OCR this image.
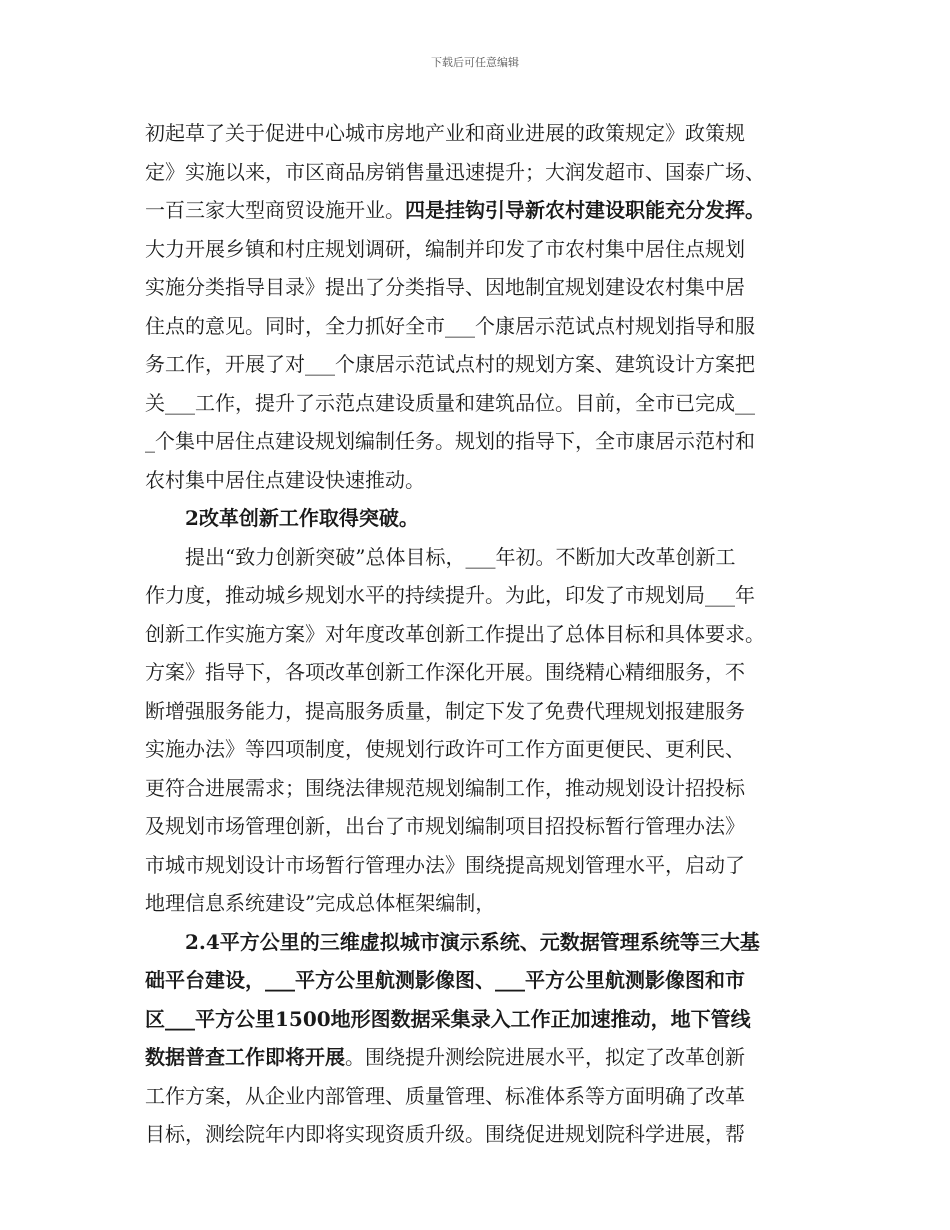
下载后可任意编辑
初起草了关于促进中心城市房地产业和商业进展的政策规定》政策规
定》实施以来，市区商品房销售量迅速提升；大润发超市、国泰广场、
一百三家大型商贸设施开业。四是挂钩引导新农村建设职能充分发挥。
大力开展乡镇和村庄规划调研，编制并印发了市农村集中居住点规划
实施分类指导目录》提出了分类指导、因地制宜规划建设农村集中居
住点的意见。同时，全力抓好全市___个康居示范试点村规划指导和服
务工作，开展了对___个康居示范试点村的规划方案、建筑设计方案把
关___工作，提升了示范点建设质量和建筑品位。目前，全市已完成__
_个集中居住点建设规划编制任务。规划的指导下，全市康居示范村和
农村集中居住点建设快速推动。
2改革创新工作取得突破。
提出“致力创新突破”总体目标，___年初。不断加大改革创新工
作力度，推动城乡规划水平的持续提升。为此，印发了市规划局___年
创新工作实施方案》对年度改革创新工作提出了总体目标和具体要求。
方案》指导下，各项改革创新工作深化开展。围绕精心精细服务，不
断增强服务能力，提高服务质量，制定下发了免费代理规划报建服务
实施办法》等四项制度，使规划行政许可工作方面更便民、更利民、
更符合进展需求；围绕法律规范规划编制工作，推动规划设计招投标
及规划市场管理创新，出台了市规划编制项目招投标暂行管理办法》
市城市规划设计市场暂行管理办法》围绕提高规划管理水平，启动了
地理信息系统建设”完成总体框架编制，
2.4平方公里的三维虚拟城市演示系统、元数据管理系统等三大基
础平台建设，___平方公里航测影像图、___平方公里航测影像图和市
区___平方公里1500地形图数据采集录入工作正加速推动，地下管线
数据普查工作即将开展。围绕提升测绘院进展水平，拟定了改革创新
工作方案，从企业内部管理、质量管理、标准体系等方面明确了改革
目标，测绘院年内即将实现资质升级。围绕促进规划院科学进展，帮
